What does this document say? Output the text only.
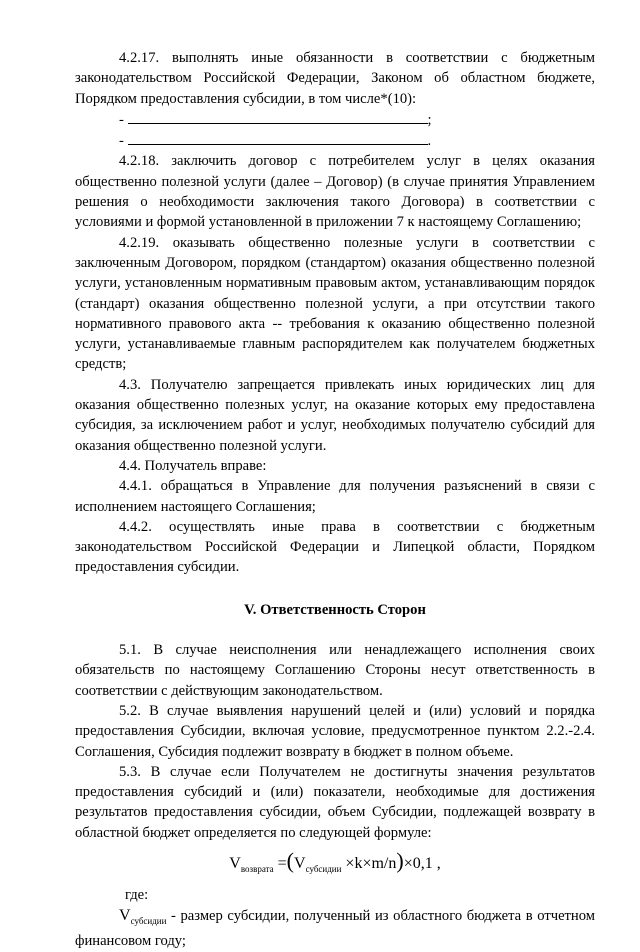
4.2.17. выполнять иные обязанности в соответствии с бюджетным законодательством Российской Федерации, Законом об областном бюджете, Порядком предоставления субсидии, в том числе*(10):

-	;

-	.

4.2.18. заключить договор с потребителем услуг в целях оказания общественно полезной услуги (далее – Договор) (в случае принятия Управлением решения о необходимости заключения такого Договора) в соответствии с условиями и формой установленной в приложении 7 к настоящему Соглашению;

4.2.19. оказывать общественно полезные услуги в соответствии с заключенным Договором, порядком (стандартом) оказания общественно полезной услуги, установленным нормативным правовым актом, устанавливающим порядок (стандарт) оказания общественно полезной услуги, а при отсутствии такого нормативного правового акта -- требования к оказанию общественно полезной услуги, устанавливаемые главным распорядителем как получателем бюджетных средств;

4.3. Получателю запрещается привлекать иных юридических лиц для оказания общественно полезных услуг, на оказание которых ему предоставлена субсидия, за исключением работ и услуг, необходимых получателю субсидий для оказания общественно полезной услуги.

4.4. Получатель вправе:

4.4.1. обращаться в Управление для получения разъяснений в связи с исполнением настоящего Соглашения;

4.4.2. осуществлять иные права в соответствии с бюджетным законодательством Российской Федерации и Липецкой области, Порядком предоставления субсидии.

V. Ответственность Сторон

5.1. В случае неисполнения или ненадлежащего исполнения своих обязательств по настоящему Соглашению Стороны несут ответственность в соответствии с действующим законодательством.

5.2. В случае выявления нарушений целей и (или) условий и порядка предоставления Субсидии, включая условие, предусмотренное пунктом 2.2.-2.4. Соглашения, Субсидия подлежит возврату в бюджет в полном объеме.

5.3. В случае если Получателем не достигнуты значения результатов предоставления субсидий и (или) показатели, необходимые для достижения результатов предоставления субсидии, объем Субсидии, подлежащей возврату в областной бюджет определяется по следующей формуле:

$V_{возврата} =(V_{субсидии} \times k\times m/n)\times 0,1$ ,

где:

$V_{субсидии}$ - размер субсидии, полученный из областного бюджета в отчетном финансовом году;
